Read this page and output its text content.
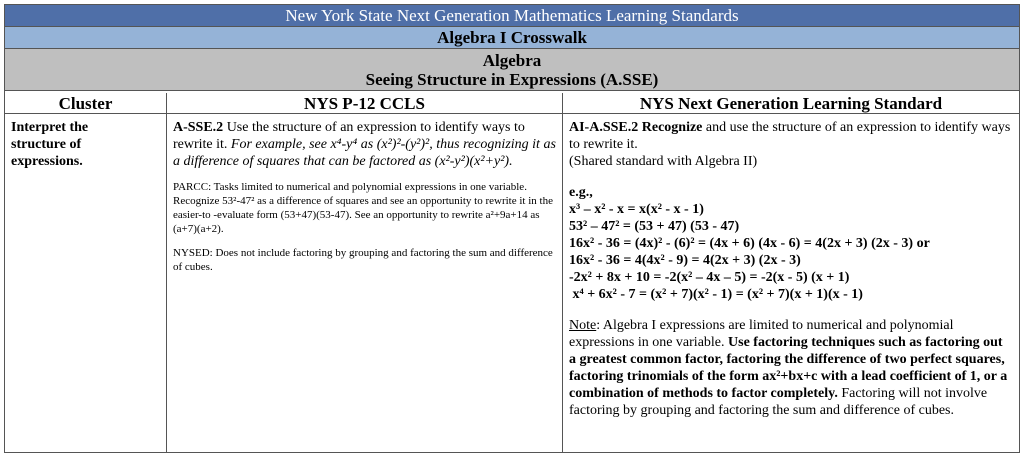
New York State Next Generation Mathematics Learning Standards
Algebra I Crosswalk
Algebra
Seeing Structure in Expressions (A.SSE)
Cluster
Interpret the
structure of
expressions.
NYS P-12 CCLS
A-SSE.2 Use the structure of an expression to identify ways to rewrite it. For example, see x⁴-y⁴ as (x²)²-(y²)², thus recognizing it as a difference of squares that can be factored as (x²-y²)(x²+y²).
PARCC: Tasks limited to numerical and polynomial expressions in one variable. Recognize 53²-47² as a difference of squares and see an opportunity to rewrite it in the easier-to -evaluate form (53+47)(53-47). See an opportunity to rewrite a²+9a+14 as (a+7)(a+2).
NYSED: Does not include factoring by grouping and factoring the sum and difference of cubes.
NYS Next Generation Learning Standard
AI-A.SSE.2 Recognize and use the structure of an expression to identify ways to rewrite it.
(Shared standard with Algebra II)
e.g.,
x³ – x² - x = x(x² - x - 1)
53² – 47² = (53 + 47) (53 - 47)
16x² - 36 = (4x)² - (6)² = (4x + 6) (4x - 6) = 4(2x + 3) (2x - 3) or
16x² - 36 = 4(4x² - 9) = 4(2x + 3) (2x - 3)
-2x² + 8x + 10 = -2(x² – 4x – 5) = -2(x - 5) (x + 1)
x⁴ + 6x² - 7 = (x² + 7)(x² - 1) = (x² + 7)(x + 1)(x - 1)
Note: Algebra I expressions are limited to numerical and polynomial expressions in one variable. Use factoring techniques such as factoring out a greatest common factor, factoring the difference of two perfect squares, factoring trinomials of the form ax²+bx+c with a lead coefficient of 1, or a combination of methods to factor completely. Factoring will not involve factoring by grouping and factoring the sum and difference of cubes.
